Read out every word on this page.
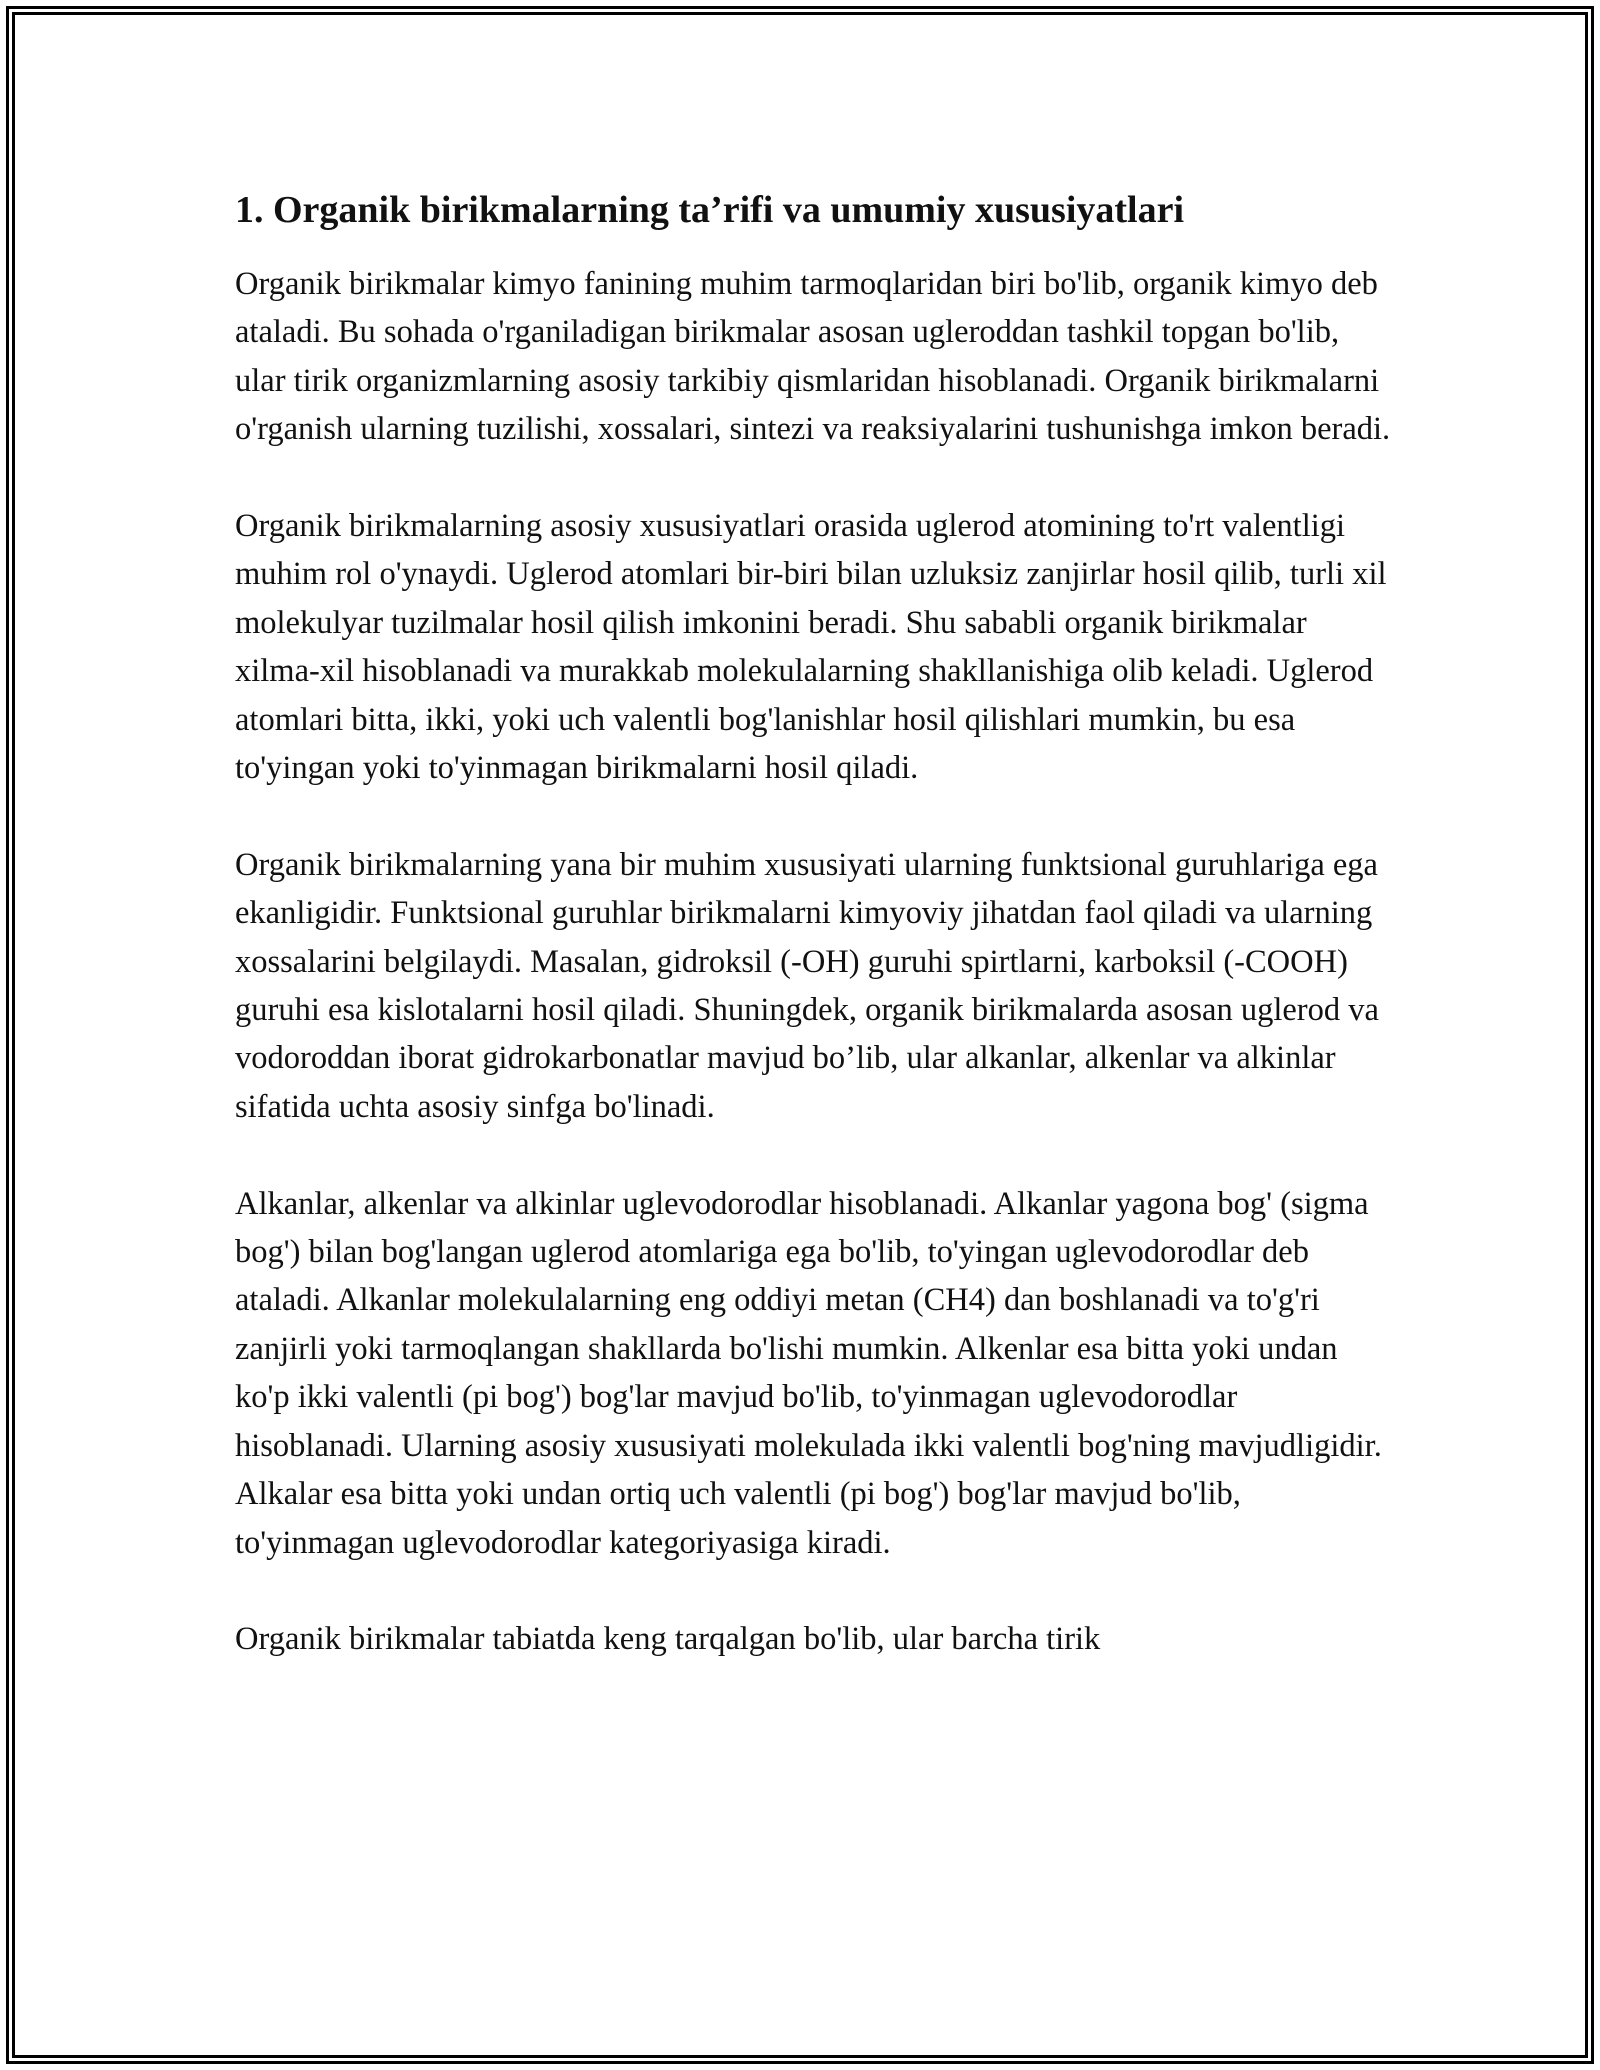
1. Organik birikmalarning ta’rifi va umumiy xususiyatlari

Organik birikmalar kimyo fanining muhim tarmoqlaridan biri bo'lib, organik kimyo deb ataladi. Bu sohada o'rganiladigan birikmalar asosan ugleroddan tashkil topgan bo'lib, ular tirik organizmlarning asosiy tarkibiy qismlaridan hisoblanadi. Organik birikmalarni o'rganish ularning tuzilishi, xossalari, sintezi va reaksiyalarini tushunishga imkon beradi.

Organik birikmalarning asosiy xususiyatlari orasida uglerod atomining to'rt valentligi muhim rol o'ynaydi. Uglerod atomlari bir-biri bilan uzluksiz zanjirlar hosil qilib, turli xil molekulyar tuzilmalar hosil qilish imkonini beradi. Shu sababli organik birikmalar xilma-xil hisoblanadi va murakkab molekulalarning shakllanishiga olib keladi. Uglerod atomlari bitta, ikki, yoki uch valentli bog'lanishlar hosil qilishlari mumkin, bu esa to'yingan yoki to'yinmagan birikmalarni hosil qiladi.

Organik birikmalarning yana bir muhim xususiyati ularning funktsional guruhlariga ega ekanligidir. Funktsional guruhlar birikmalarni kimyoviy jihatdan faol qiladi va ularning xossalarini belgilaydi. Masalan, gidroksil (-OH) guruhi spirtlarni, karboksil (-COOH) guruhi esa kislotalarni hosil qiladi. Shuningdek, organik birikmalarda asosan uglerod va vodoroddan iborat gidrokarbonatlar mavjud bo’lib, ular alkanlar, alkenlar va alkinlar sifatida uchta asosiy sinfga bo'linadi.

Alkanlar, alkenlar va alkinlar uglevodorodlar hisoblanadi. Alkanlar yagona bog' (sigma bog') bilan bog'langan uglerod atomlariga ega bo'lib, to'yingan uglevodorodlar deb ataladi. Alkanlar molekulalarning eng oddiyi metan (CH4) dan boshlanadi va to'g'ri zanjirli yoki tarmoqlangan shakllarda bo'lishi mumkin. Alkenlar esa bitta yoki undan ko'p ikki valentli (pi bog') bog'lar mavjud bo'lib, to'yinmagan uglevodorodlar hisoblanadi. Ularning asosiy xususiyati molekulada ikki valentli bog'ning mavjudligidir. Alkalar esa bitta yoki undan ortiq uch valentli (pi bog') bog'lar mavjud bo'lib, to'yinmagan uglevodorodlar kategoriyasiga kiradi.

Organik birikmalar tabiatda keng tarqalgan bo'lib, ular barcha tirik
